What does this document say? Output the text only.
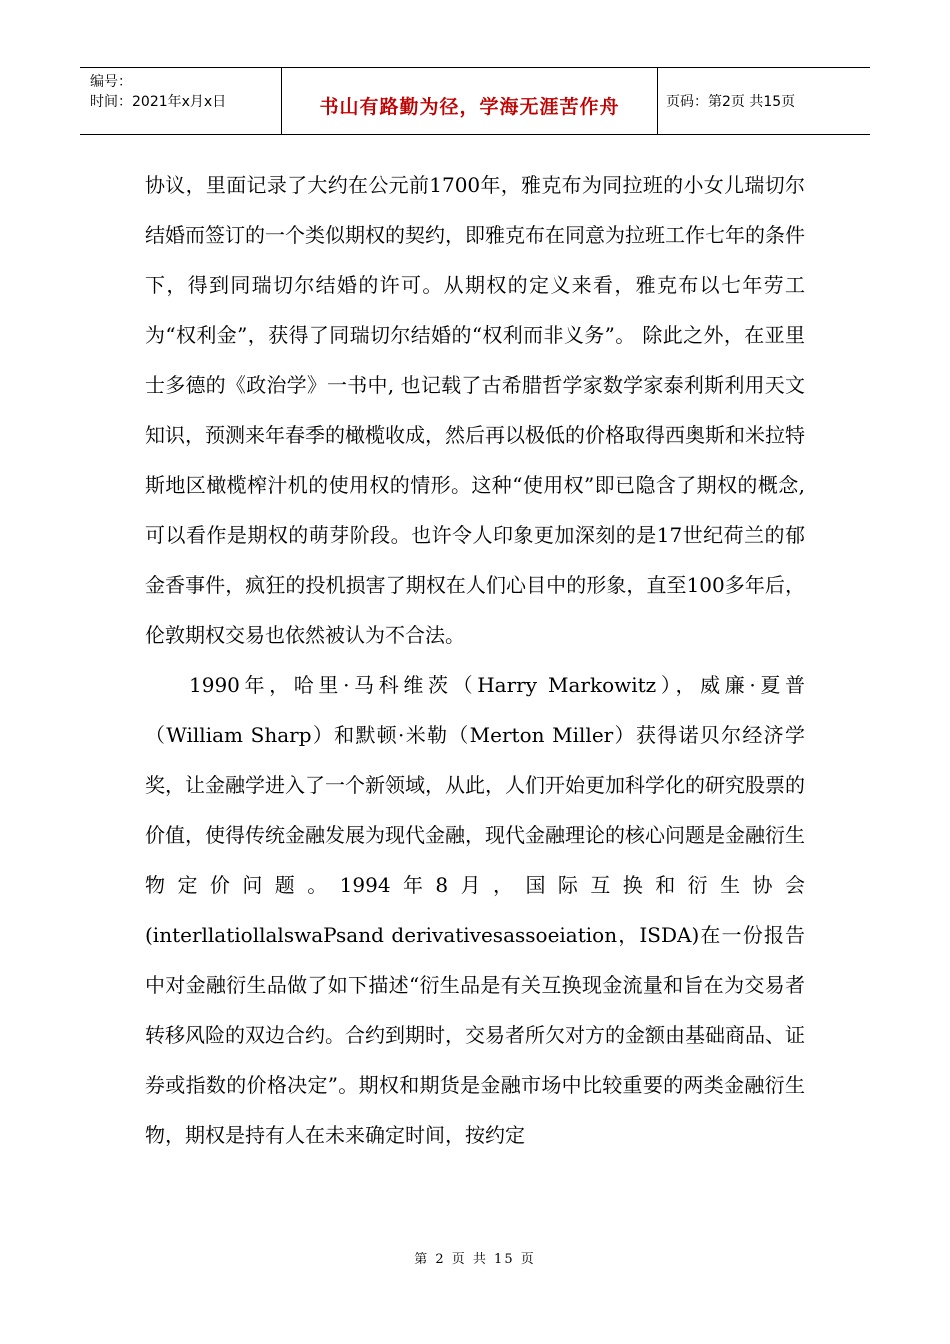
编号：
时间：2021年x月x日	书山有路勤为径，学海无涯苦作舟	页码：第2页 共15页

协议，里面记录了大约在公元前1700年，雅克布为同拉班的小女儿瑞切尔结婚而签订的一个类似期权的契约，即雅克布在同意为拉班工作七年的条件下，得到同瑞切尔结婚的许可。从期权的定义来看，雅克布以七年劳工为“权利金”，获得了同瑞切尔结婚的“权利而非义务”。 除此之外，在亚里士多德的《政治学》一书中, 也记载了古希腊哲学家数学家泰利斯利用天文知识，预测来年春季的橄榄收成，然后再以极低的价格取得西奥斯和米拉特斯地区橄榄榨汁机的使用权的情形。这种“使用权”即已隐含了期权的概念, 可以看作是期权的萌芽阶段。也许令人印象更加深刻的是17世纪荷兰的郁金香事件，疯狂的投机损害了期权在人们心目中的形象，直至100多年后，伦敦期权交易也依然被认为不合法。

1990年，哈里·马科维茨（Harry Markowitz），威廉·夏普（William Sharp）和默顿·米勒（Merton Miller）获得诺贝尔经济学奖，让金融学进入了一个新领域，从此，人们开始更加科学化的研究股票的价值，使得传统金融发展为现代金融，现代金融理论的核心问题是金融衍生物定价问题。1994年8月，国际互换和衍生协会(interllatiollalswaPsand derivativesassoeiation，ISDA)在一份报告中对金融衍生品做了如下描述“衍生品是有关互换现金流量和旨在为交易者转移风险的双边合约。合约到期时，交易者所欠对方的金额由基础商品、证券或指数的价格决定”。期权和期货是金融市场中比较重要的两类金融衍生物，期权是持有人在未来确定时间，按约定

第 2 页 共 15 页
